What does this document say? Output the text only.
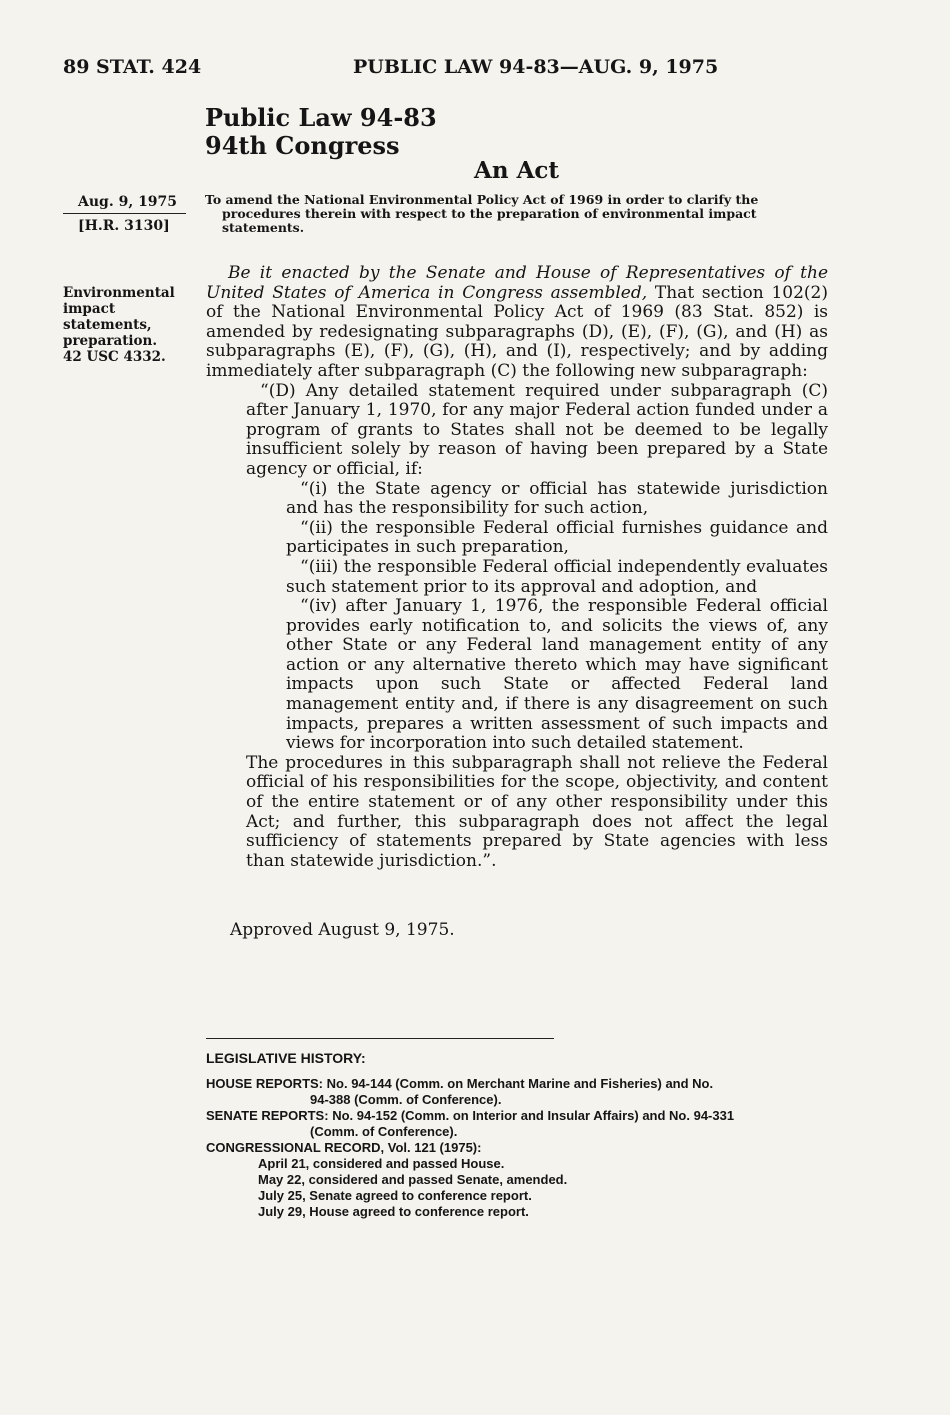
89 STAT. 424	PUBLIC LAW 94-83—AUG. 9, 1975
Public Law 94-83
94th Congress
An Act
Aug. 9, 1975
[H.R. 3130]
Environmental
impact
statements,
preparation.
42 USC 4332.
To amend the National Environmental Policy Act of 1969 in order to clarify the
procedures therein with respect to the preparation of environmental impact
statements.

Be it enacted by the Senate and House of Representatives of the United States of America in Congress assembled, That section 102(2) of the National Environmental Policy Act of 1969 (83 Stat. 852) is amended by redesignating subparagraphs (D), (E), (F), (G), and (H) as subparagraphs (E), (F), (G), (H), and (I), respectively; and by adding immediately after subparagraph (C) the following new subparagraph:

“(D) Any detailed statement required under subparagraph (C) after January 1, 1970, for any major Federal action funded under a program of grants to States shall not be deemed to be legally insufficient solely by reason of having been prepared by a State agency or official, if:

“(i) the State agency or official has statewide jurisdiction and has the responsibility for such action,

“(ii) the responsible Federal official furnishes guidance and participates in such preparation,

“(iii) the responsible Federal official independently evaluates such statement prior to its approval and adoption, and

“(iv) after January 1, 1976, the responsible Federal official provides early notification to, and solicits the views of, any other State or any Federal land management entity of any action or any alternative thereto which may have significant impacts upon such State or affected Federal land management entity and, if there is any disagreement on such impacts, prepares a written assessment of such impacts and views for incorporation into such detailed statement.

The procedures in this subparagraph shall not relieve the Federal official of his responsibilities for the scope, objectivity, and content of the entire statement or of any other responsibility under this Act; and further, this subparagraph does not affect the legal sufficiency of statements prepared by State agencies with less than statewide jurisdiction.”.

Approved August 9, 1975.
LEGISLATIVE HISTORY:
HOUSE REPORTS: No. 94-144 (Comm. on Merchant Marine and Fisheries) and No.
94-388 (Comm. of Conference).
SENATE REPORTS: No. 94-152 (Comm. on Interior and Insular Affairs) and No. 94-331
(Comm. of Conference).
CONGRESSIONAL RECORD, Vol. 121 (1975):
April 21, considered and passed House.
May 22, considered and passed Senate, amended.
July 25, Senate agreed to conference report.
July 29, House agreed to conference report.
